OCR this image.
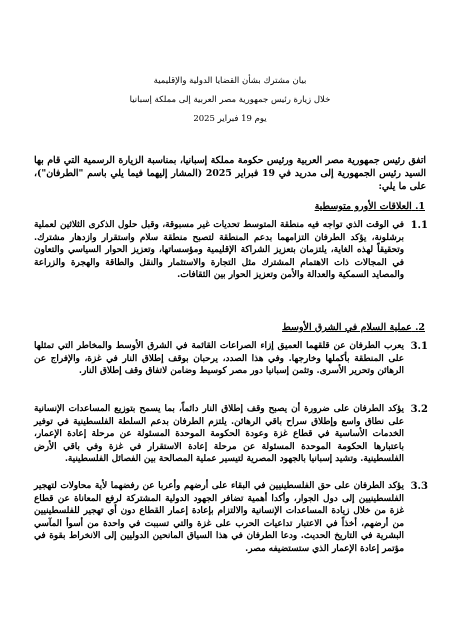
بيان مشترك بشأن القضايا الدولية والإقليمية
خلال زيارة رئيس جمهورية مصر العربية إلى مملكة إسبانيا
يوم 19 فبراير 2025
اتفق رئيس جمهورية مصر العربية ورئيس حكومة مملكة إسبانيا، بمناسبة الزيارة الرسمية التي قام بها السيد رئيس الجمهورية إلى مدريد في 19 فبراير 2025 (المشار إليهما فيما يلي باسم "الطرفان")، على ما يلي:
1. العلاقات الأورو متوسطية
1.1
في الوقت الذي تواجه فيه منطقة المتوسط تحديات غير مسبوقة، وقبل حلول الذكرى الثلاثين لعملية برشلونة، يؤكد الطرفان التزامهما بدعم المنطقة لتصبح منطقة سلام واستقرار وازدهار مشترك. وتحقيقاً لهذه الغاية، يلتزمان بتعزيز الشراكة الإقليمية ومؤسساتها، وتعزيز الحوار السياسي والتعاون في المجالات ذات الاهتمام المشترك مثل التجارة والاستثمار والنقل والطاقة والهجرة والزراعة والمصايد السمكية والعدالة والأمن وتعزيز الحوار بين الثقافات.
2. عملية السلام في الشرق الأوسط
3.1
يعرب الطرفان عن قلقهما العميق إزاء الصراعات القائمة في الشرق الأوسط والمخاطر التي تمثلها على المنطقة بأكملها وخارجها. وفي هذا الصدد، يرحبان بوقف إطلاق النار في غزة، والإفراج عن الرهائن وتحرير الأسرى. وتثمن إسبانيا دور مصر كوسيط وضامن لاتفاق وقف إطلاق النار.
3.2
يؤكد الطرفان على ضرورة أن يصبح وقف إطلاق النار دائماً، بما يسمح بتوزيع المساعدات الإنسانية على نطاق واسع وإطلاق سراح باقي الرهائن. يلتزم الطرفان بدعم السلطة الفلسطينية في توفير الخدمات الأساسية في قطاع غزة وعودة الحكومة الموحدة المسئولة عن مرحلة إعادة الإعمار، باعتبارها الحكومة الموحدة المسئولة عن مرحلة إعادة الاستقرار في غزة وفي باقي الأرض الفلسطينية. وتشيد إسبانيا بالجهود المصرية لتيسير عملية المصالحة بين الفصائل الفلسطينية.
3.3
يؤكد الطرفان على حق الفلسطينيين في البقاء على أرضهم وأعربا عن رفضهما لأية محاولات لتهجير الفلسطينيين إلى دول الجوار، وأكدا أهمية تضافر الجهود الدولية المشتركة لرفع المعاناة عن قطاع غزة من خلال زيادة المساعدات الإنسانية والالتزام بإعادة إعمار القطاع دون أي تهجير للفلسطينيين من أرضهم، أخذاً في الاعتبار تداعيات الحرب على غزة والتي تسببت في واحدة من أسوأ المآسي البشرية في التاريخ الحديث. ودعا الطرفان في هذا السياق المانحين الدوليين إلى الانخراط بقوة في مؤتمر إعادة الإعمار الذي ستستضيفه مصر.
